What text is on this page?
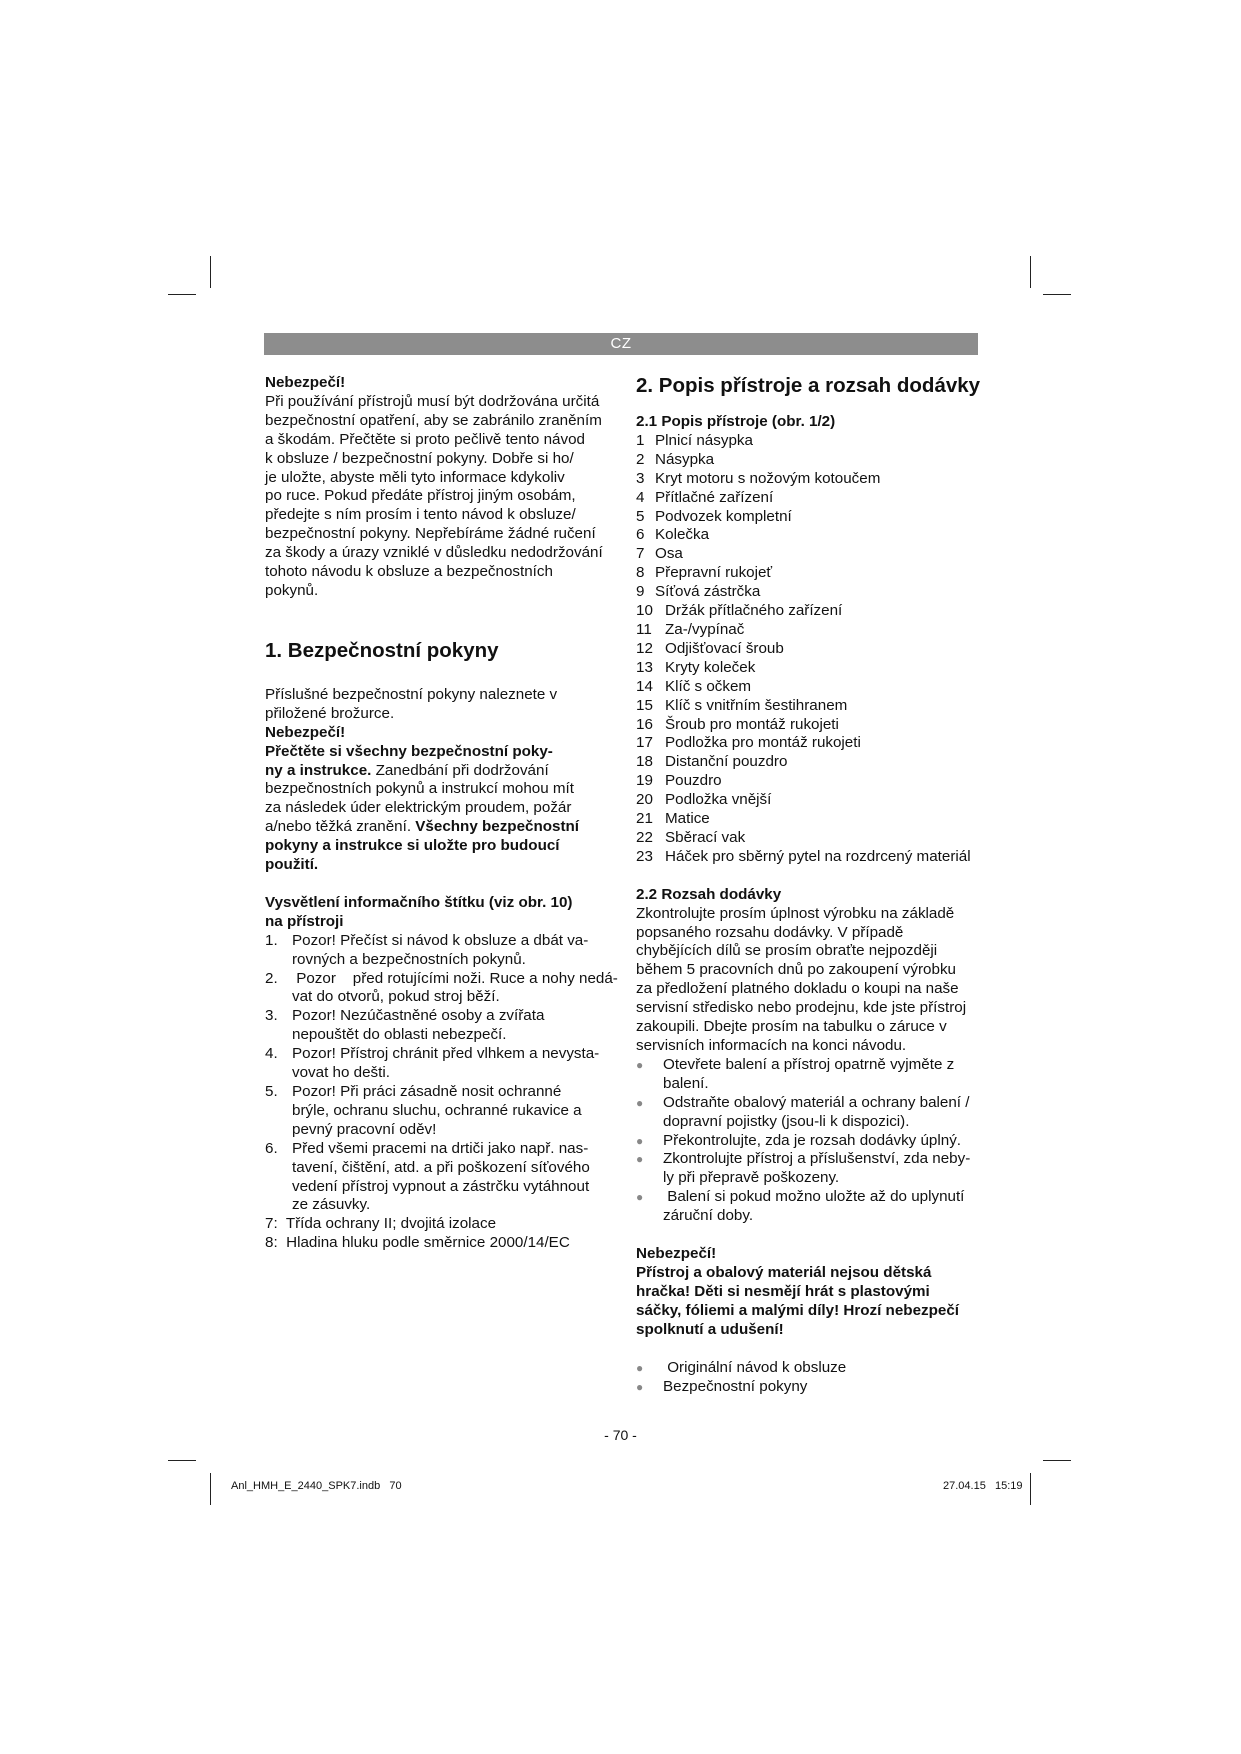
CZ

Nebezpečí!

Při používání přístrojů musí být dodržována určitá
bezpečnostní opatření, aby se zabránilo zraněním
a škodám. Přečtěte si proto pečlivě tento návod
k obsluze / bezpečnostní pokyny. Dobře si ho/
je uložte, abyste měli tyto informace kdykoliv
po ruce. Pokud předáte přístroj jiným osobám,
předejte s ním prosím i tento návod k obsluze/
bezpečnostní pokyny. Nepřebíráme žádné ručení
za škody a úrazy vzniklé v důsledku nedodržování
tohoto návodu k obsluze a bezpečnostních
pokynů.
1. Bezpečnostní pokyny
Příslušné bezpečnostní pokyny naleznete v
přiložené brožurce.

Nebezpečí!

Přečtěte si všechny bezpečnostní poky-
ny a instrukce. Zanedbání při dodržování
bezpečnostních pokynů a instrukcí mohou mít
za následek úder elektrickým proudem, požár
a/nebo těžká zranění. Všechny bezpečnostní
pokyny a instrukce si uložte pro budoucí
použití.
Vysvětlení informačního štítku (viz obr. 10)
na přístroji
1. Pozor! Přečíst si návod k obsluze a dbát va-
rovných a bezpečnostních pokynů.
2. Pozor    před rotujícími noži. Ruce a nohy nedá-
vat do otvorů, pokud stroj běží.
3. Pozor! Nezúčastněné osoby a zvířata
nepouštět do oblasti nebezpečí.
4. Pozor! Přístroj chránit před vlhkem a nevysta-
vovat ho dešti.
5. Pozor! Při práci zásadně nosit ochranné
brýle, ochranu sluchu, ochranné rukavice a
pevný pracovní oděv!
6. Před všemi pracemi na drtiči jako např. nas-
tavení, čištění, atd. a při poškození síťového
vedení přístroj vypnout a zástrčku vytáhnout
ze zásuvky.
7:  Třída ochrany II; dvojitá izolace
8:  Hladina hluku podle směrnice 2000/14/EC
2. Popis přístroje a rozsah dodávky

2.1 Popis přístroje (obr. 1/2)

1 Plnicí násypka
2 Násypka
3 Kryt motoru s nožovým kotoučem
4 Přítlačné zařízení
5 Podvozek kompletní
6 Kolečka
7 Osa
8 Přepravní rukojeť
9 Síťová zástrčka
10 Držák přítlačného zařízení
11 Za-/vypínač
12 Odjišťovací šroub
13 Kryty koleček
14 Klíč s očkem
15 Klíč s vnitřním šestihranem
16 Šroub pro montáž rukojeti
17 Podložka pro montáž rukojeti
18 Distanční pouzdro
19 Pouzdro
20 Podložka vnější
21 Matice
22 Sběrací vak
23 Háček pro sběrný pytel na rozdrcený materiál

2.2 Rozsah dodávky

Zkontrolujte prosím úplnost výrobku na základě
popsaného rozsahu dodávky. V případě
chybějících dílů se prosím obraťte nejpozději
během 5 pracovních dnů po zakoupení výrobku
za předložení platného dokladu o koupi na naše
servisní středisko nebo prodejnu, kde jste přístroj
zakoupili. Dbejte prosím na tabulku o záruce v
servisních informacích na konci návodu.
●	Otevřete balení a přístroj opatrně vyjměte z
balení.
●	Odstraňte obalový materiál a ochrany balení /
dopravní pojistky (jsou-li k dispozici).
●	Překontrolujte, zda je rozsah dodávky úplný.
●	Zkontrolujte přístroj a příslušenství, zda neby-
ly při přepravě poškozeny.
●	Balení si pokud možno uložte až do uplynutí
záruční doby.

Nebezpečí!

Přístroj a obalový materiál nejsou dětská
hračka! Děti si nesmějí hrát s plastovými
sáčky, fóliemi a malými díly! Hrozí nebezpečí
spolknutí a udušení!
●	Originální návod k obsluze
●	Bezpečnostní pokyny
- 70 -
Anl_HMH_E_2440_SPK7.indb   70	27.04.15   15:19
